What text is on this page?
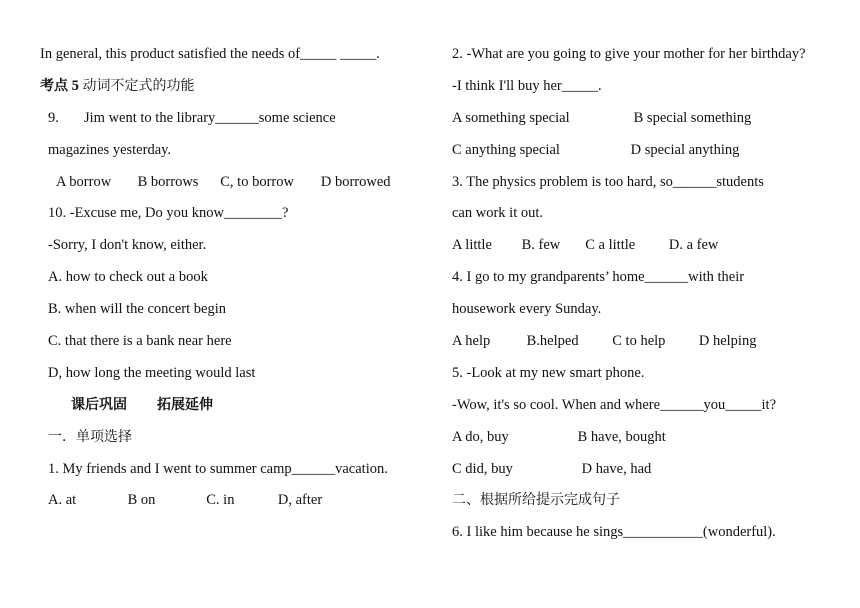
In general, this product satisfied the needs of_____ _____.
考点 5 动词不定式的功能
9. Jim went to the library______some science
magazines yesterday.
A borrow B borrows C, to borrow D borrowed
10. -Excuse me, Do you know________?
-Sorry, I don't know, either.
A. how to check out a book
B. when will the concert begin
C. that there is a bank near here
D, how long the meeting would last
课后巩固 拓展延伸
一．单项选择
1. My friends and I went to summer camp______vacation.
A. at	B on	C. in	D, after
2. -What are you going to give your mother for her birthday?
-I think I'll buy her_____.
A something special	B special something
C anything special	D special anything
3. The physics problem is too hard, so______students
can work it out.
A little B. few C a little D. a few
4. I go to my grandparents’ home______with their
housework every Sunday.
A help	B.helped C to help D helping
5. -Look at my new smart phone.
-Wow, it's so cool. When and where______you_____it?
A do, buy	B have, bought
C did, buy	D have, had
二、根据所给提示完成句子
6. I like him because he sings___________(wonderful).
